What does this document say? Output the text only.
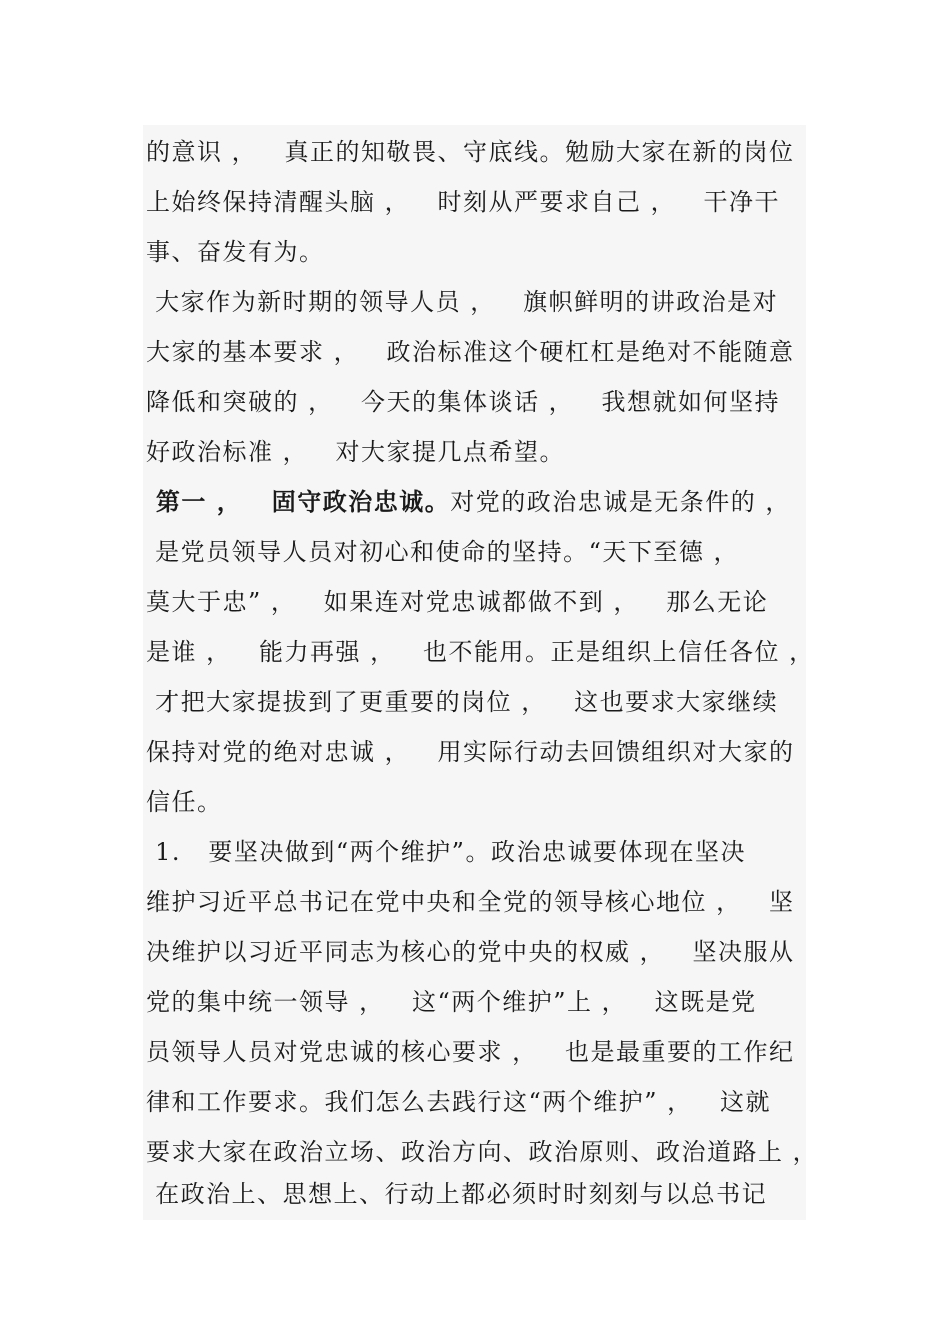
的意识 ，   真正的知敬畏、守底线。勉励大家在新的岗位
上始终保持清醒头脑 ，   时刻从严要求自己 ，   干净干
事、奋发有为。
大家作为新时期的领导人员 ，   旗帜鲜明的讲政治是对
大家的基本要求 ，   政治标准这个硬杠杠是绝对不能随意
降低和突破的 ，   今天的集体谈话 ，   我想就如何坚持
好政治标准 ，   对大家提几点希望。
第一 ，   固守政治忠诚。对党的政治忠诚是无条件的 ，
是党员领导人员对初心和使命的坚持。“天下至德 ，
莫大于忠” ，   如果连对党忠诚都做不到 ，   那么无论
是谁 ，   能力再强 ，   也不能用。正是组织上信任各位 ，
才把大家提拔到了更重要的岗位 ，   这也要求大家继续
保持对党的绝对忠诚 ，   用实际行动去回馈组织对大家的
信任。
1.   要坚决做到“两个维护”。政治忠诚要体现在坚决
维护习近平总书记在党中央和全党的领导核心地位 ，   坚
决维护以习近平同志为核心的党中央的权威 ，   坚决服从
党的集中统一领导 ，   这“两个维护”上 ，   这既是党
员领导人员对党忠诚的核心要求 ，   也是最重要的工作纪
律和工作要求。我们怎么去践行这“两个维护” ，   这就
要求大家在政治立场、政治方向、政治原则、政治道路上 ，
在政治上、思想上、行动上都必须时时刻刻与以总书记
